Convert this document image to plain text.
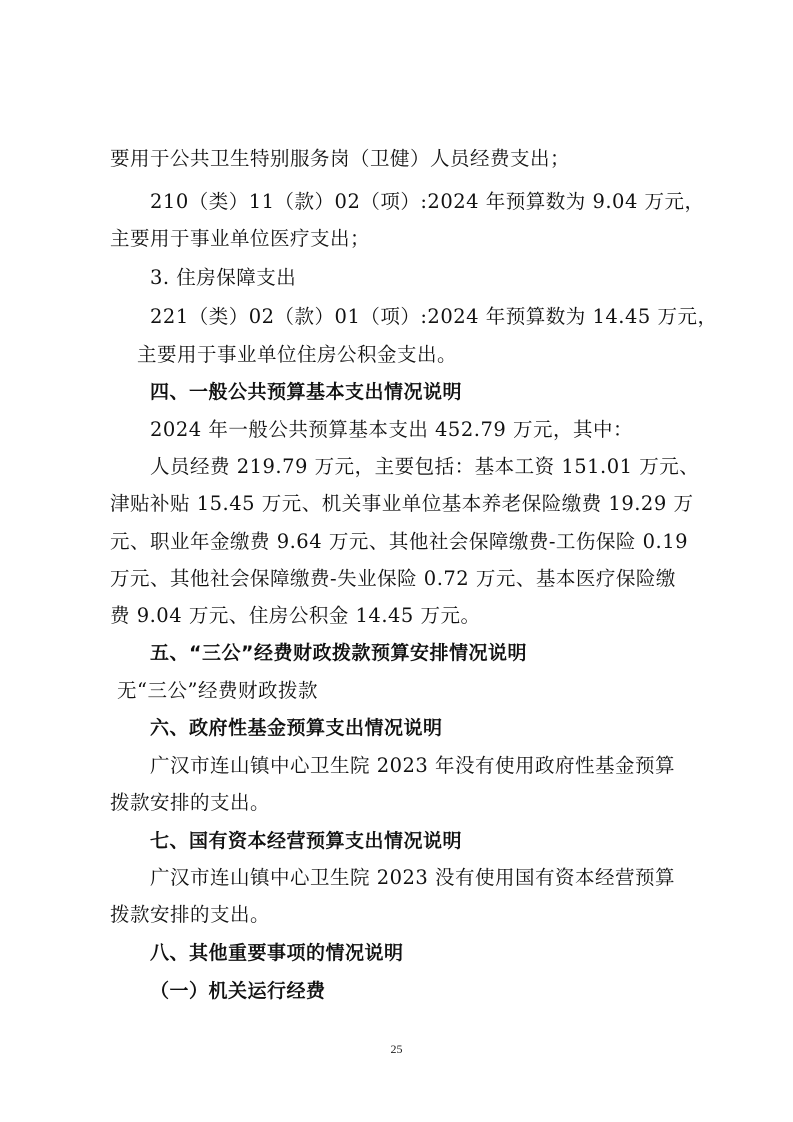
要用于公共卫生特别服务岗（卫健）人员经费支出；
210（类）11（款）02（项）:2024 年预算数为 9.04 万元，
主要用于事业单位医疗支出；
3. 住房保障支出
221（类）02（款）01（项）:2024 年预算数为 14.45 万元，
主要用于事业单位住房公积金支出。
四、一般公共预算基本支出情况说明
2024 年一般公共预算基本支出 452.79 万元，其中：
人员经费 219.79 万元，主要包括：基本工资 151.01 万元、
津贴补贴 15.45 万元、机关事业单位基本养老保险缴费 19.29 万
元、职业年金缴费 9.64 万元、其他社会保障缴费-工伤保险 0.19
万元、其他社会保障缴费-失业保险 0.72 万元、基本医疗保险缴
费 9.04 万元、住房公积金 14.45 万元。
五、“三公”经费财政拨款预算安排情况说明
无“三公”经费财政拨款
六、政府性基金预算支出情况说明
广汉市连山镇中心卫生院 2023 年没有使用政府性基金预算
拨款安排的支出。
七、国有资本经营预算支出情况说明
广汉市连山镇中心卫生院 2023 没有使用国有资本经营预算
拨款安排的支出。
八、其他重要事项的情况说明
（一）机关运行经费
25
